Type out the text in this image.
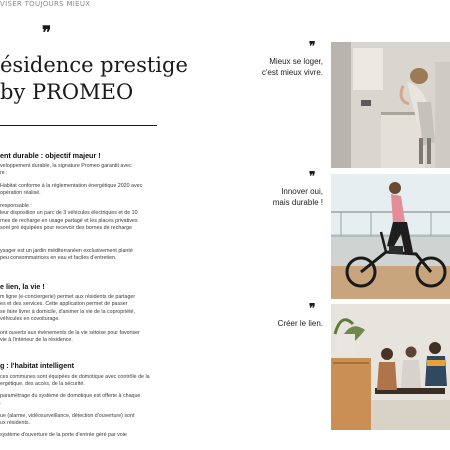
VISER TOUJOURS MIEUX
❞
ésidence prestige
by PROMEO
ent durable : objectif majeur !
veloppement durable, la signature Promeo garantit avec
re :
Habitat conforme à la réglementation énergétique 2020 avec
opération réalisé.
responsable :
leur disposition un parc de 3 véhicules électriques et de 10
rnes de recharge en usage partagé et les places privatives
sont pré équipées pour recevoir des bornes de recharge
ysager est un jardin méditerranéen exclusivement planté
peu consommatrices en eau et faciles d'entretien.
e lien, la vie !
m ligne (e-conciergerie) permet aux résidents de partager
es et des services. Cette application permet de passer
se faire livrer à domicile, d'animer la vie de la copropriété,
véhicules en covoiturage.
ont ouverts aux évènements de la vie sétoise pour favoriser
vie à l'intérieur de la résidence.
g : l'habitat intelligent
ces communes sont équipées de domotique avec contrôle de la
ergétique, des accès, de la sécurité.
paramétrage du système de domotique est offerte à chaque
.
ue (alarme, vidéosurveillance, détection d'ouverture) sont
ux résidents.
système d'ouverture de la porte d'entrée géré par voie
❞
Mieux se loger,
c'est mieux vivre.
❞
Innover oui,
mais durable !
❞
Créer le lien.
